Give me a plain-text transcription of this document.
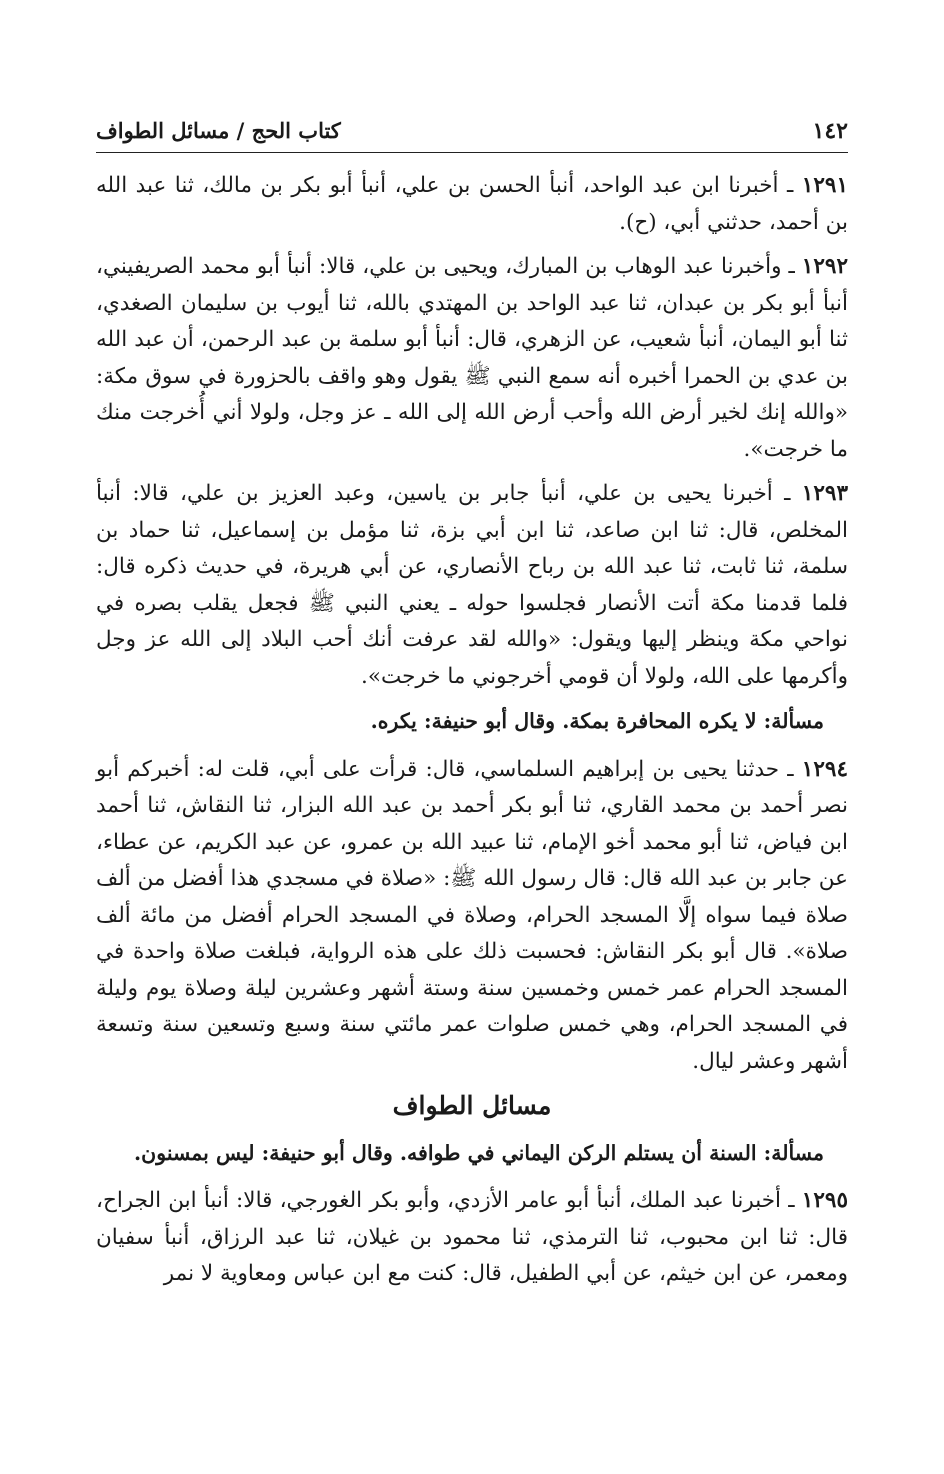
١٤٢
كتاب الحج / مسائل الطواف

١٢٩١ ـ أخبرنا ابن عبد الواحد، أنبأ الحسن بن علي، أنبأ أبو بكر بن مالك، ثنا عبد الله بن أحمد، حدثني أبي، (ح).

١٢٩٢ ـ وأخبرنا عبد الوهاب بن المبارك، ويحيى بن علي، قالا: أنبأ أبو محمد الصريفيني، أنبأ أبو بكر بن عبدان، ثنا عبد الواحد بن المهتدي بالله، ثنا أيوب بن سليمان الصغدي، ثنا أبو اليمان، أنبأ شعيب، عن الزهري، قال: أنبأ أبو سلمة بن عبد الرحمن، أن عبد الله بن عدي بن الحمرا أخبره أنه سمع النبي ﷺ يقول وهو واقف بالحزورة في سوق مكة: «والله إنك لخير أرض الله وأحب أرض الله إلى الله ـ عز وجل، ولولا أني أُخرجت منك ما خرجت».

١٢٩٣ ـ أخبرنا يحيى بن علي، أنبأ جابر بن ياسين، وعبد العزيز بن علي، قالا: أنبأ المخلص، قال: ثنا ابن صاعد، ثنا ابن أبي بزة، ثنا مؤمل بن إسماعيل، ثنا حماد بن سلمة، ثنا ثابت، ثنا عبد الله بن رباح الأنصاري، عن أبي هريرة، في حديث ذكره قال: فلما قدمنا مكة أتت الأنصار فجلسوا حوله ـ يعني النبي ﷺ فجعل يقلب بصره في نواحي مكة وينظر إليها ويقول: «والله لقد عرفت أنك أحب البلاد إلى الله عز وجل وأكرمها على الله، ولولا أن قومي أخرجوني ما خرجت».

مسألة: لا يكره المحافرة بمكة. وقال أبو حنيفة: يكره.

١٢٩٤ ـ حدثنا يحيى بن إبراهيم السلماسي، قال: قرأت على أبي، قلت له: أخبركم أبو نصر أحمد بن محمد القاري، ثنا أبو بكر أحمد بن عبد الله البزار، ثنا النقاش، ثنا أحمد ابن فياض، ثنا أبو محمد أخو الإمام، ثنا عبيد الله بن عمرو، عن عبد الكريم، عن عطاء، عن جابر بن عبد الله قال: قال رسول الله ﷺ: «صلاة في مسجدي هذا أفضل من ألف صلاة فيما سواه إلَّا المسجد الحرام، وصلاة في المسجد الحرام أفضل من مائة ألف صلاة». قال أبو بكر النقاش: فحسبت ذلك على هذه الرواية، فبلغت صلاة واحدة في المسجد الحرام عمر خمس وخمسين سنة وستة أشهر وعشرين ليلة وصلاة يوم وليلة في المسجد الحرام، وهي خمس صلوات عمر مائتي سنة وسبع وتسعين سنة وتسعة أشهر وعشر ليال.

مسائل الطواف

مسألة: السنة أن يستلم الركن اليماني في طوافه. وقال أبو حنيفة: ليس بمسنون.

١٢٩٥ ـ أخبرنا عبد الملك، أنبأ أبو عامر الأزدي، وأبو بكر الغورجي، قالا: أنبأ ابن الجراح، قال: ثنا ابن محبوب، ثنا الترمذي، ثنا محمود بن غيلان، ثنا عبد الرزاق، أنبأ سفيان ومعمر، عن ابن خيثم، عن أبي الطفيل، قال: كنت مع ابن عباس ومعاوية لا نمر
